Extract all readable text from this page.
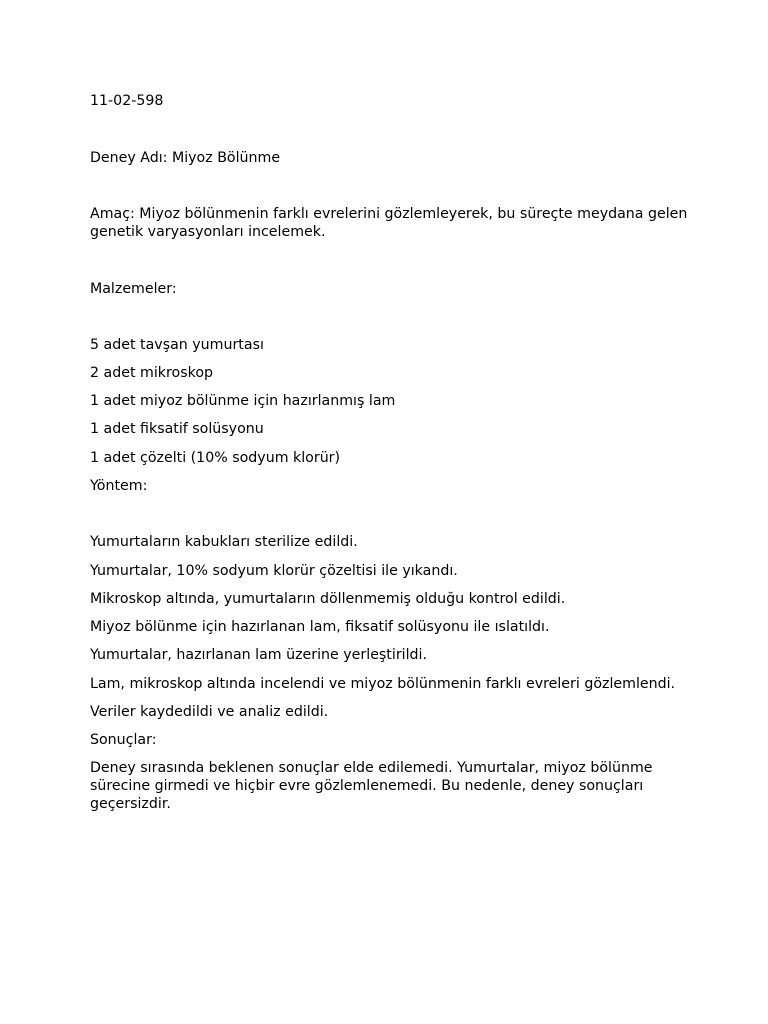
11-02-598

Deney Adı: Miyoz Bölünme

Amaç: Miyoz bölünmenin farklı evrelerini gözlemleyerek, bu süreçte meydana gelen
genetik varyasyonları incelemek.

Malzemeler:

5 adet tavşan yumurtası

2 adet mikroskop

1 adet miyoz bölünme için hazırlanmış lam

1 adet fiksatif solüsyonu

1 adet çözelti (10% sodyum klorür)

Yöntem:

Yumurtaların kabukları sterilize edildi.

Yumurtalar, 10% sodyum klorür çözeltisi ile yıkandı.

Mikroskop altında, yumurtaların döllenmemiş olduğu kontrol edildi.

Miyoz bölünme için hazırlanan lam, fiksatif solüsyonu ile ıslatıldı.

Yumurtalar, hazırlanan lam üzerine yerleştirildi.

Lam, mikroskop altında incelendi ve miyoz bölünmenin farklı evreleri gözlemlendi.

Veriler kaydedildi ve analiz edildi.

Sonuçlar:

Deney sırasında beklenen sonuçlar elde edilemedi. Yumurtalar, miyoz bölünme
sürecine girmedi ve hiçbir evre gözlemlenemedi. Bu nedenle, deney sonuçları
geçersizdir.
